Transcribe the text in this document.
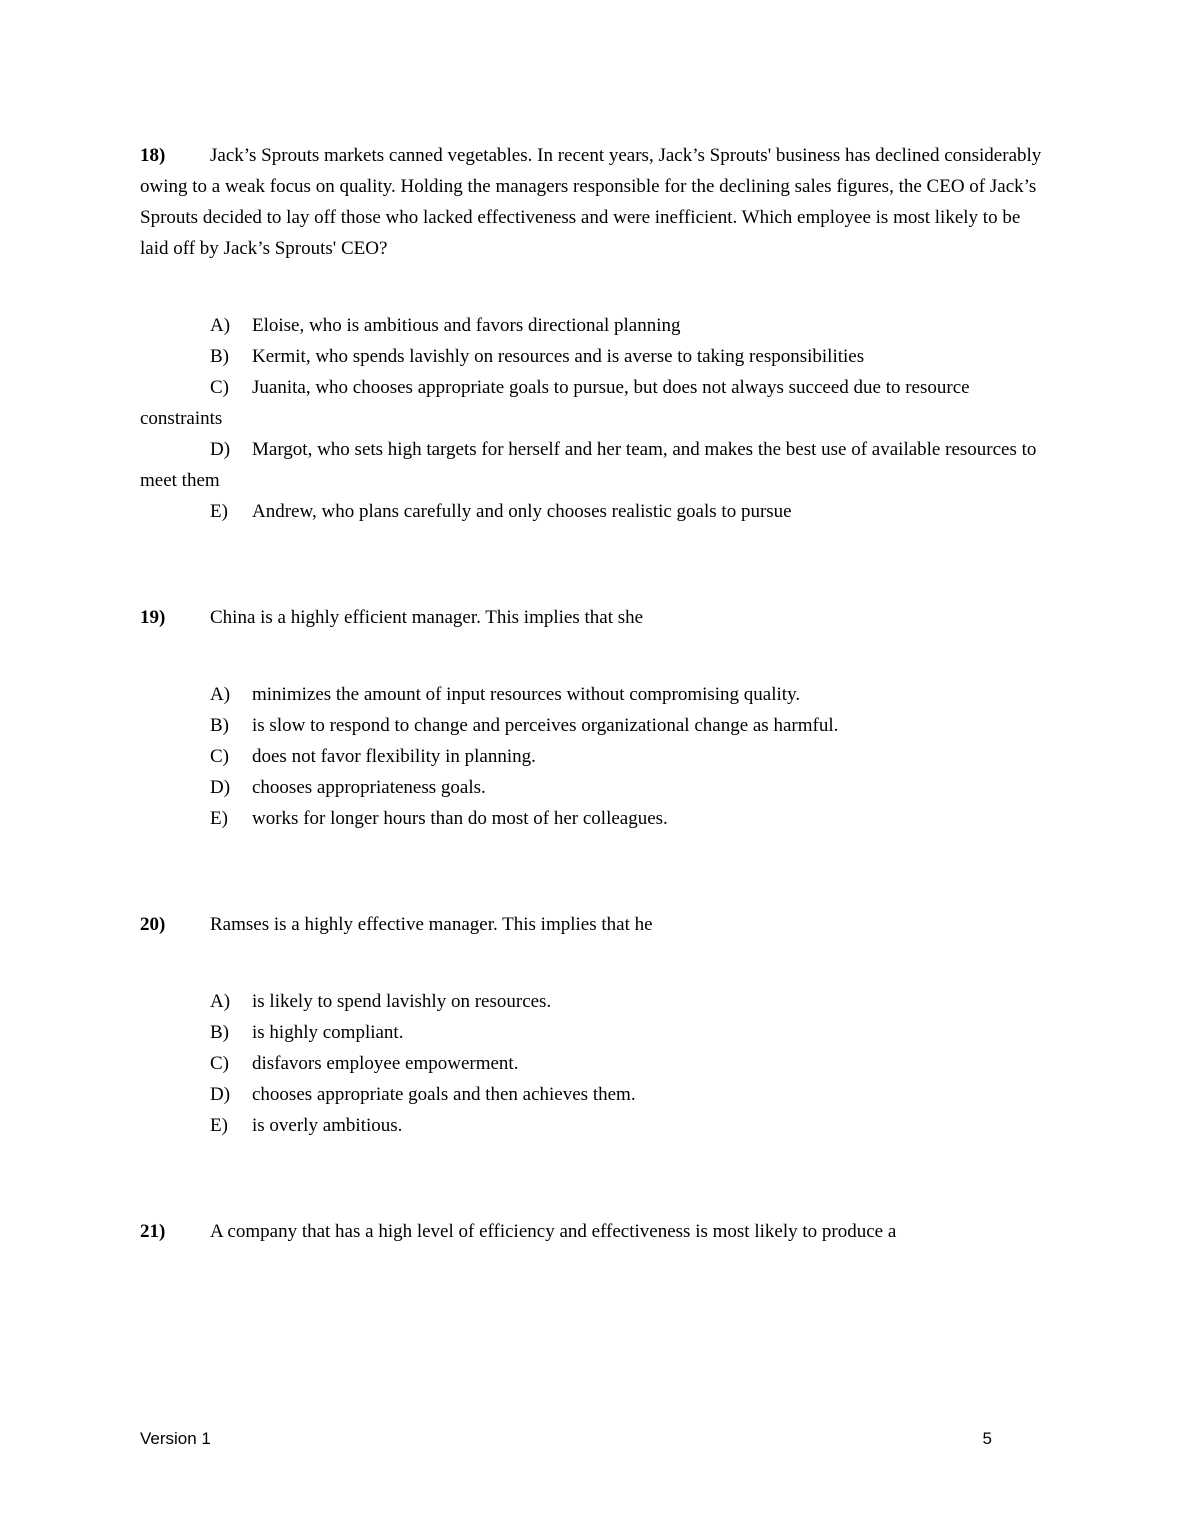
18) Jack’s Sprouts markets canned vegetables. In recent years, Jack’s Sprouts' business has declined considerably owing to a weak focus on quality. Holding the managers responsible for the declining sales figures, the CEO of Jack’s Sprouts decided to lay off those who lacked effectiveness and were inefficient. Which employee is most likely to be laid off by Jack’s Sprouts' CEO?

A) Eloise, who is ambitious and favors directional planning

B) Kermit, who spends lavishly on resources and is averse to taking responsibilities

C) Juanita, who chooses appropriate goals to pursue, but does not always succeed due to resource constraints

D) Margot, who sets high targets for herself and her team, and makes the best use of available resources to meet them

E) Andrew, who plans carefully and only chooses realistic goals to pursue

19) China is a highly efficient manager. This implies that she

A) minimizes the amount of input resources without compromising quality.

B) is slow to respond to change and perceives organizational change as harmful.

C) does not favor flexibility in planning.

D) chooses appropriateness goals.

E) works for longer hours than do most of her colleagues.

20) Ramses is a highly effective manager. This implies that he

A) is likely to spend lavishly on resources.

B) is highly compliant.

C) disfavors employee empowerment.

D) chooses appropriate goals and then achieves them.

E) is overly ambitious.

21) A company that has a high level of efficiency and effectiveness is most likely to produce a

Version 1	5
